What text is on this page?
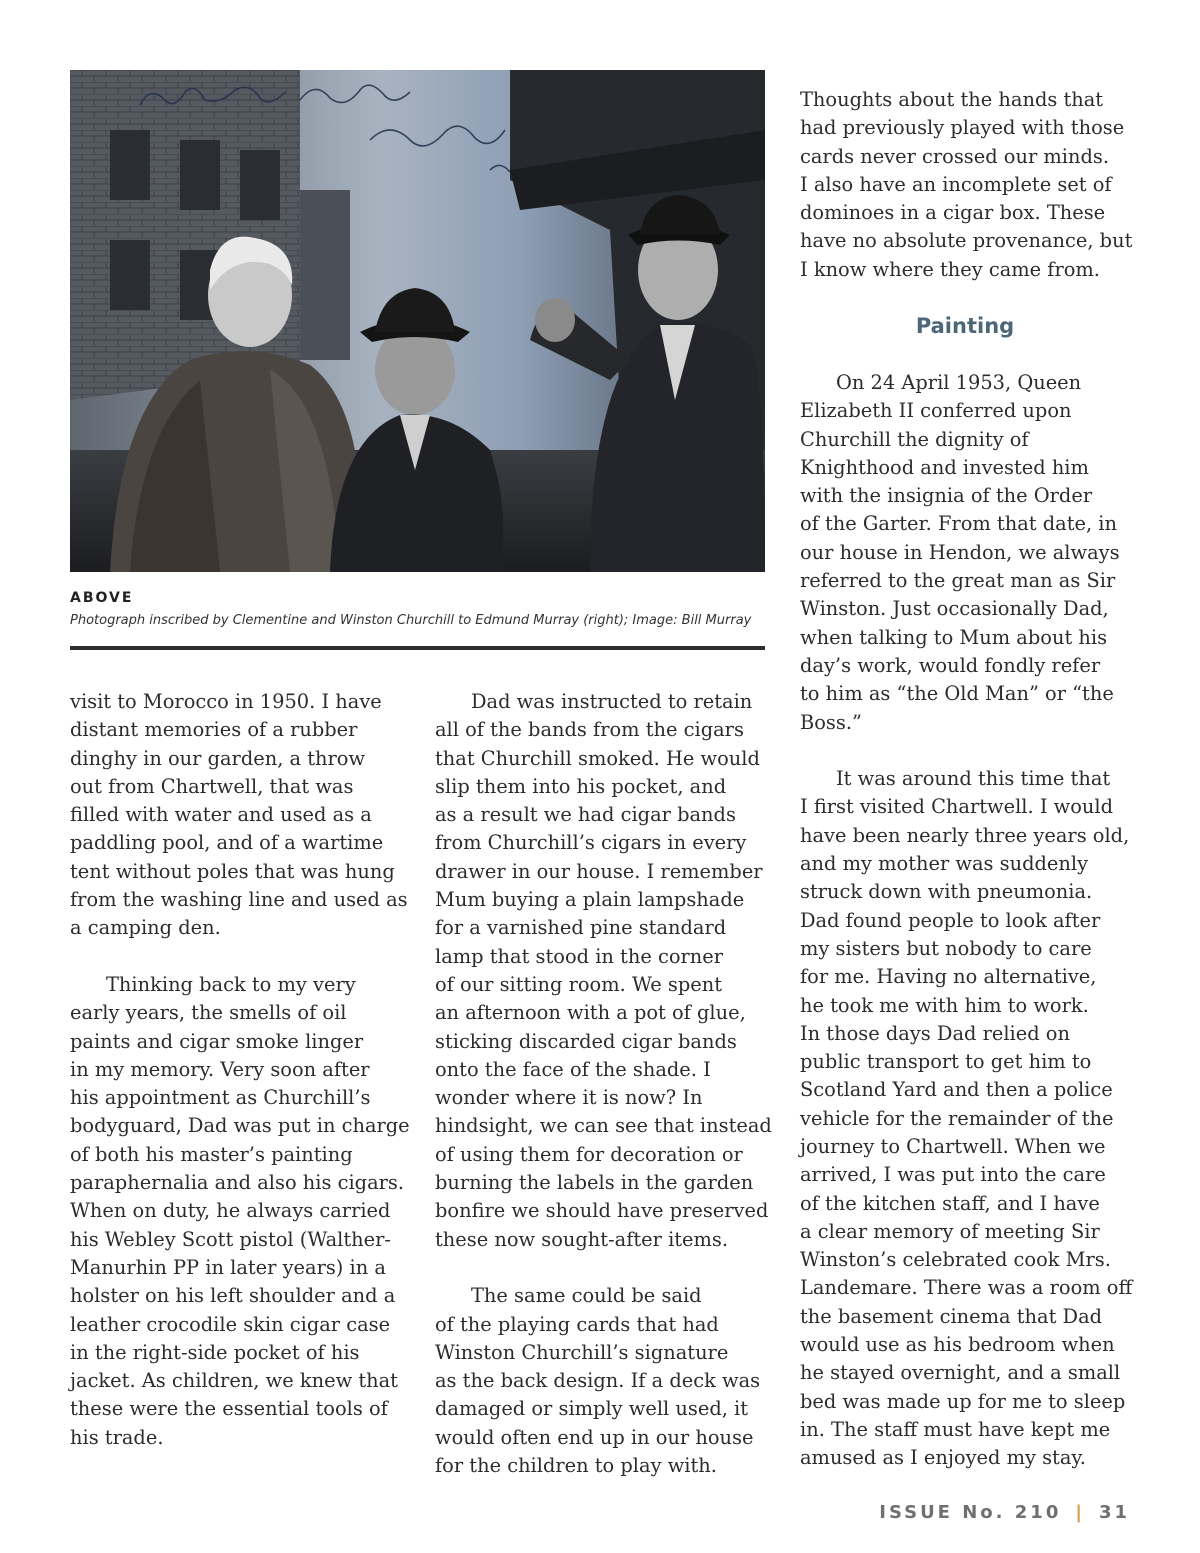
ABOVE
Photograph inscribed by Clementine and Winston Churchill to Edmund Murray (right); Image: Bill Murray

visit to Morocco in 1950. I have

distant memories of a rubber

dinghy in our garden, a throw

out from Chartwell, that was

filled with water and used as a

paddling pool, and of a wartime

tent without poles that was hung

from the washing line and used as

a camping den.

Thinking back to my very

early years, the smells of oil

paints and cigar smoke linger

in my memory. Very soon after

his appointment as Churchill’s

bodyguard, Dad was put in charge

of both his master’s painting

paraphernalia and also his cigars.

When on duty, he always carried

his Webley Scott pistol (Walther-

Manurhin PP in later years) in a

holster on his left shoulder and a

leather crocodile skin cigar case

in the right-side pocket of his

jacket. As children, we knew that

these were the essential tools of

his trade.

Dad was instructed to retain

all of the bands from the cigars

that Churchill smoked. He would

slip them into his pocket, and

as a result we had cigar bands

from Churchill’s cigars in every

drawer in our house. I remember

Mum buying a plain lampshade

for a varnished pine standard

lamp that stood in the corner

of our sitting room. We spent

an afternoon with a pot of glue,

sticking discarded cigar bands

onto the face of the shade. I

wonder where it is now? In

hindsight, we can see that instead

of using them for decoration or

burning the labels in the garden

bonfire we should have preserved

these now sought-after items.

The same could be said

of the playing cards that had

Winston Churchill’s signature

as the back design. If a deck was

damaged or simply well used, it

would often end up in our house

for the children to play with.

Thoughts about the hands that

had previously played with those

cards never crossed our minds.

I also have an incomplete set of

dominoes in a cigar box. These

have no absolute provenance, but

I know where they came from.

Painting

On 24 April 1953, Queen

Elizabeth II conferred upon

Churchill the dignity of

Knighthood and invested him

with the insignia of the Order

of the Garter. From that date, in

our house in Hendon, we always

referred to the great man as Sir

Winston. Just occasionally Dad,

when talking to Mum about his

day’s work, would fondly refer

to him as “the Old Man” or “the

Boss.”

It was around this time that

I first visited Chartwell. I would

have been nearly three years old,

and my mother was suddenly

struck down with pneumonia.

Dad found people to look after

my sisters but nobody to care

for me. Having no alternative,

he took me with him to work.

In those days Dad relied on

public transport to get him to

Scotland Yard and then a police

vehicle for the remainder of the

journey to Chartwell. When we

arrived, I was put into the care

of the kitchen staff, and I have

a clear memory of meeting Sir

Winston’s celebrated cook Mrs.

Landemare. There was a room off

the basement cinema that Dad

would use as his bedroom when

he stayed overnight, and a small

bed was made up for me to sleep

in. The staff must have kept me

amused as I enjoyed my stay.

ISSUE No. 210 | 31
